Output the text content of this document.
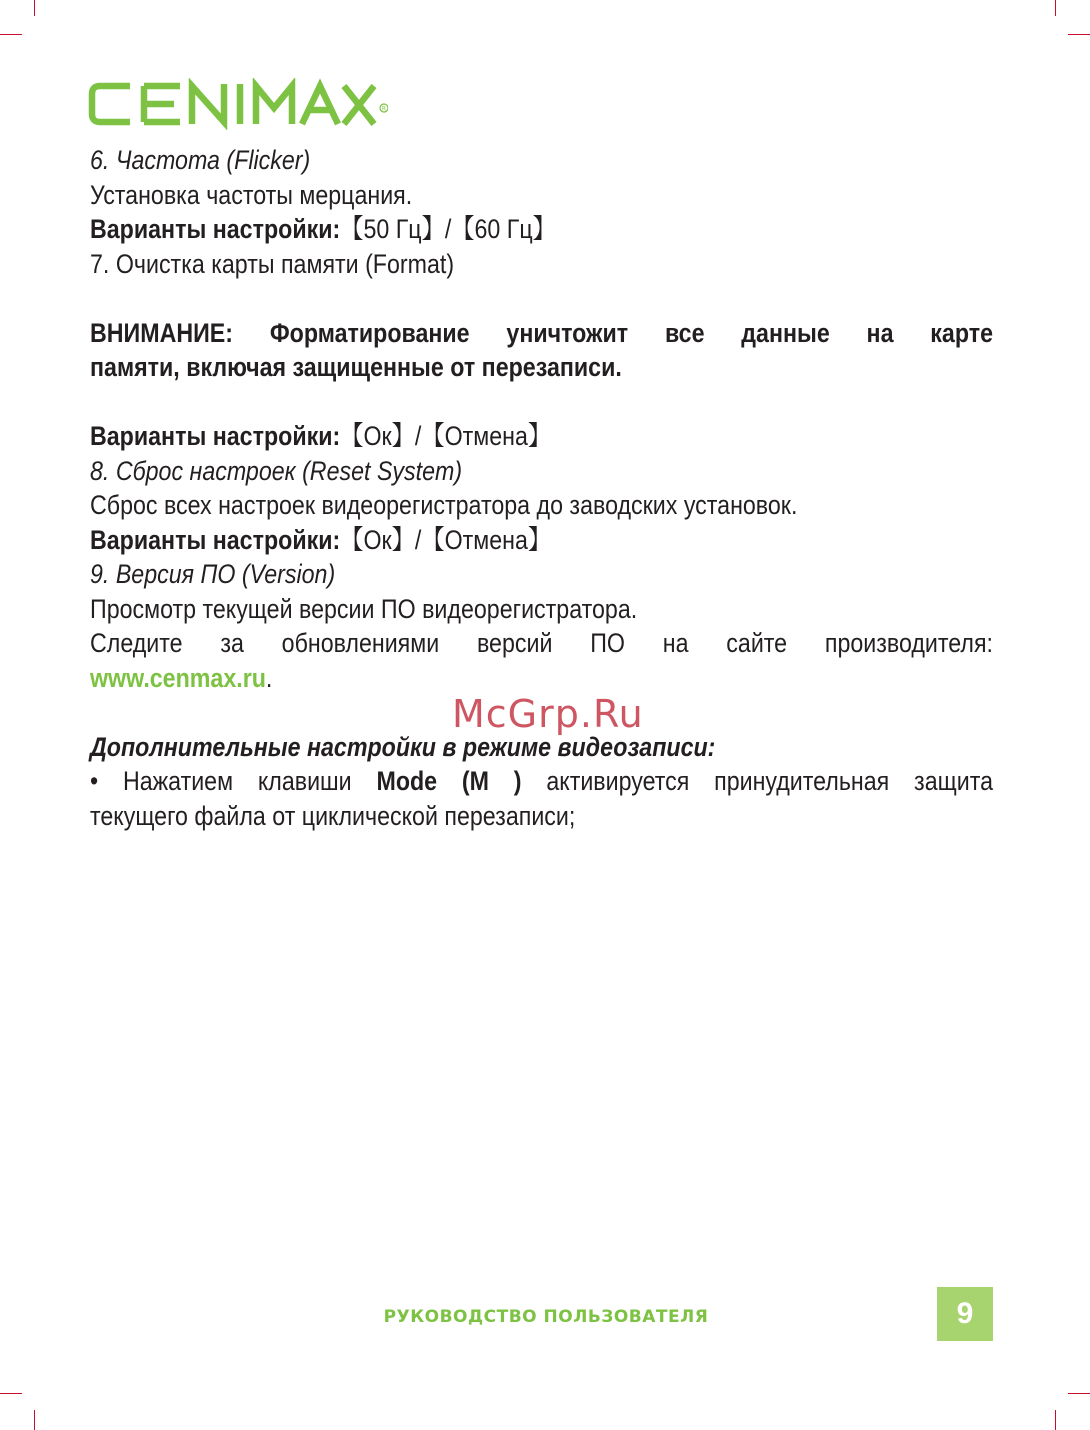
R

6. Частота (Flicker)

Установка частоты мерцания.

Варианты настройки:【50 Гц】/【60 Гц】

7. Очистка карты памяти (Format)

ВНИМАНИЕ: Форматирование уничтожит все данные на карте

памяти, включая защищенные от перезаписи.

Варианты настройки:【Ок】/【Отмена】

8. Сброс настроек (Reset System)

Сброс всех настроек видеорегистратора до заводских установок.

Варианты настройки:【Ок】/【Отмена】

9. Версия ПО (Version)

Просмотр текущей версии ПО видеорегистратора.

Следите за обновлениями версий ПО на сайте производителя:

www.cenmax.ru.

Дополнительные настройки в режиме видеозаписи:

• Нажатием клавиши Mode (M ) активируется принудительная защита

текущего файла от циклической перезаписи;

McGrp.Ru
РУКОВОДСТВО ПОЛЬЗОВАТЕЛЯ	9
